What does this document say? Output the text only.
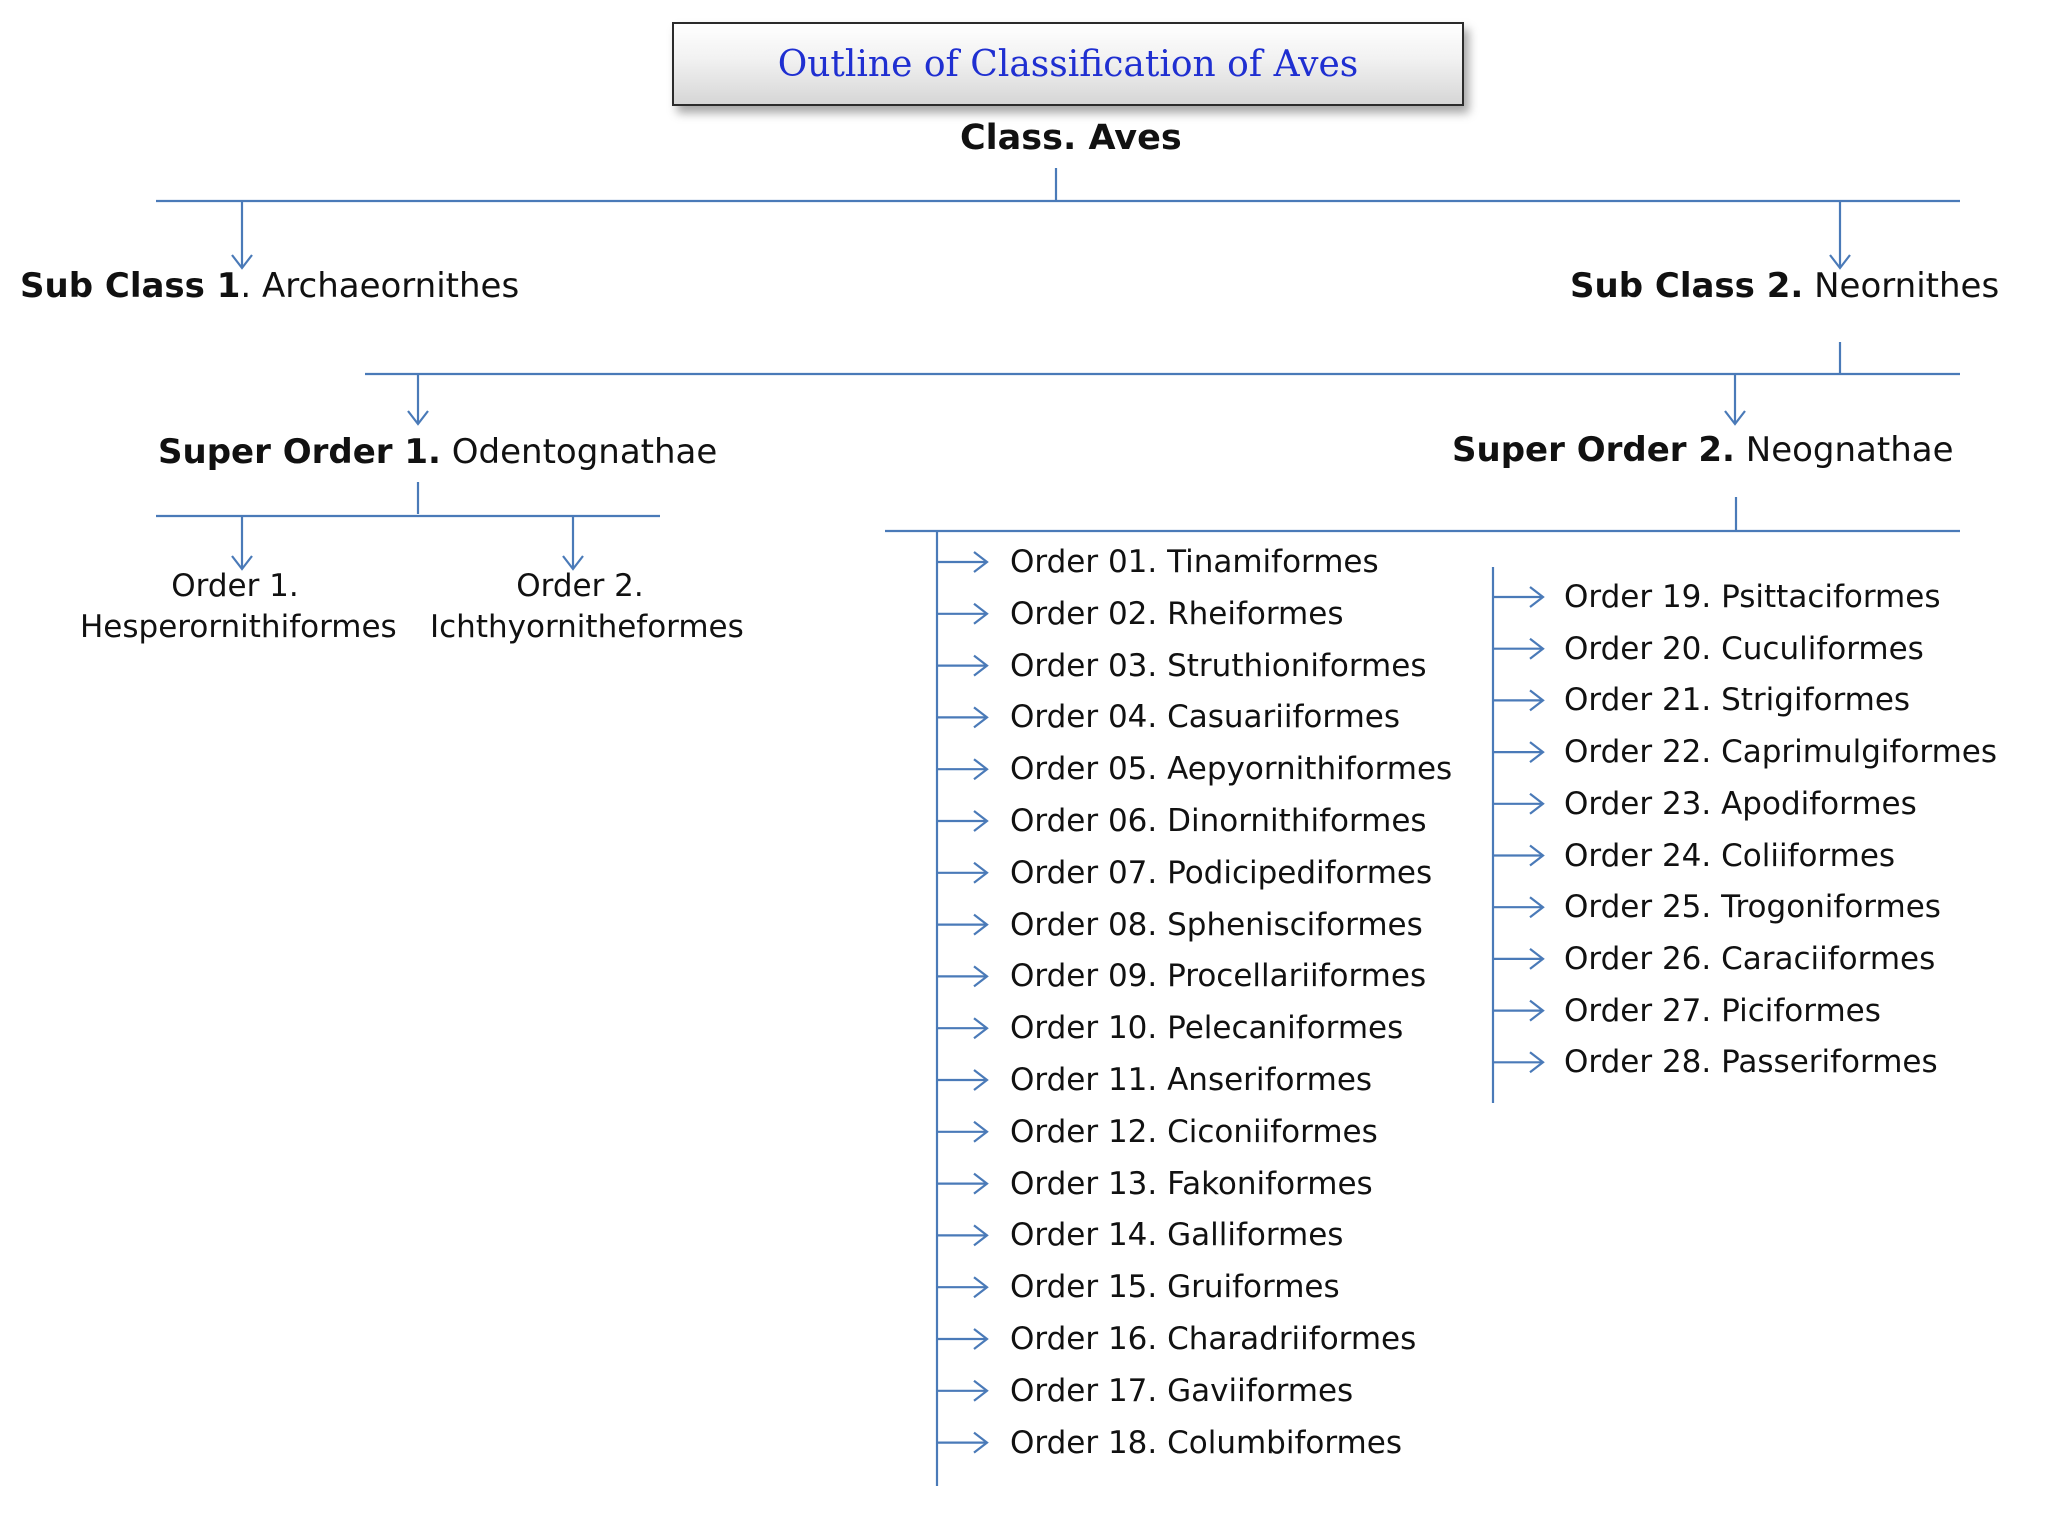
Outline of Classification of Aves
Class. Aves
Sub Class 1. Archaeornithes	Sub Class 2. Neornithes
Super Order 1. Odentognathae	Super Order 2. Neognathae
Order 1.
Hesperornithiformes
Order 2.
Ichthyornitheformes
Order 01. Tinamiformes
Order 02. Rheiformes
Order 03. Struthioniformes
Order 04. Casuariiformes
Order 05. Aepyornithiformes
Order 06. Dinornithiformes
Order 07. Podicipediformes
Order 08. Sphenisciformes
Order 09. Procellariiformes
Order 10. Pelecaniformes
Order 11. Anseriformes
Order 12. Ciconiiformes
Order 13. Fakoniformes
Order 14. Galliformes
Order 15. Gruiformes
Order 16. Charadriiformes
Order 17. Gaviiformes
Order 18. Columbiformes
Order 19. Psittaciformes
Order 20. Cuculiformes
Order 21. Strigiformes
Order 22. Caprimulgiformes
Order 23. Apodiformes
Order 24. Coliiformes
Order 25. Trogoniformes
Order 26. Caraciiformes
Order 27. Piciformes
Order 28. Passeriformes
